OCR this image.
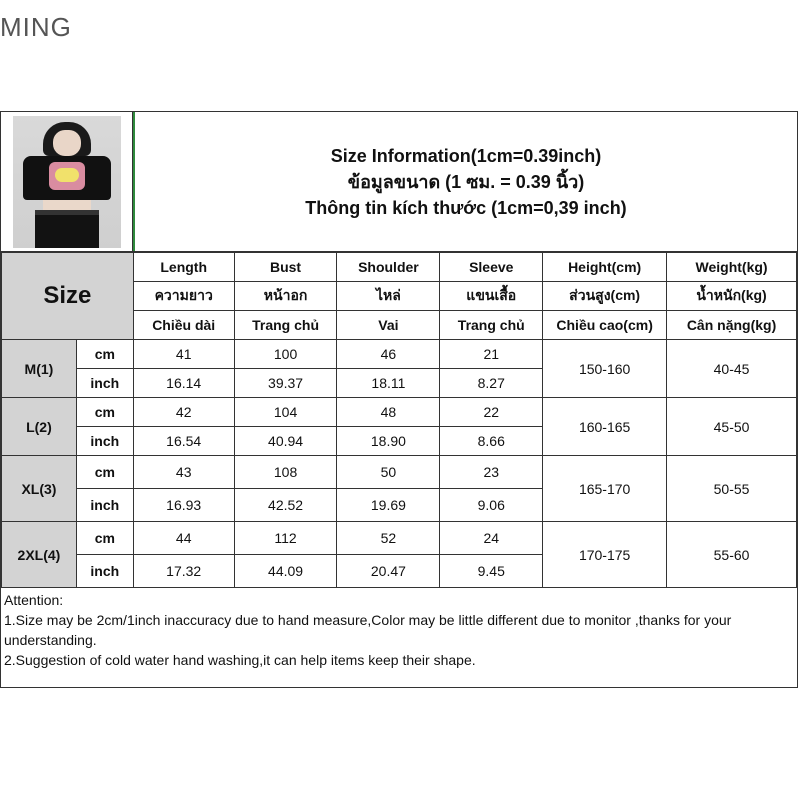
MING
Size Information(1cm=0.39inch)
ข้อมูลขนาด (1 ซม. = 0.39 นิ้ว)
Thông tin kích thước (1cm=0,39 inch)
Size		Length	Bust	Shoulder	Sleeve	Height(cm)	Weight(kg)
		ความยาว	หน้าอก	ไหล่	แขนเสื้อ	ส่วนสูง(cm)	น้ำหนัก(kg)
		Chiều dài	Trang chủ	Vai	Trang chủ	Chiều cao(cm)	Cân nặng(kg)
M(1)	cm	41	100	46	21	150-160	40-45
	inch	16.14	39.37	18.11	8.27		
L(2)	cm	42	104	48	22	160-165	45-50
	inch	16.54	40.94	18.90	8.66		
XL(3)	cm	43	108	50	23	165-170	50-55
	inch	16.93	42.52	19.69	9.06		
2XL(4)	cm	44	112	52	24	170-175	55-60
	inch	17.32	44.09	20.47	9.45		
Attention:
1.Size may be 2cm/1inch inaccuracy due to hand measure,Color may be little different due to monitor ,thanks for your understanding.
2.Suggestion of cold water hand washing,it can help items keep their shape.
